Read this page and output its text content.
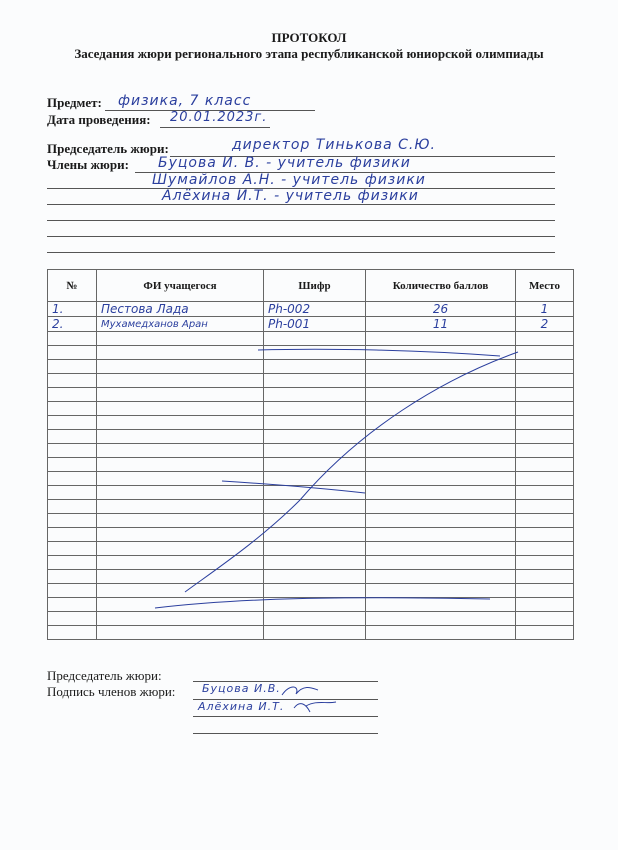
ПРОТОКОЛ
Заседания жюри регионального этапа республиканской юниорской олимпиады
Предмет: физика, 7 класс
Дата проведения: 20.01.2023г.
Председатель жюри:	директор Тинькова С.Ю.
Члены жюри: Буцова И. В. - учитель физики
Шумайлов А.Н. - учитель физики
Алёхина И.Т. - учитель физики
№	ФИ учащегося	Шифр	Количество баллов	Место
1.	Пестова Лада	Рh-002	26	1
2.	Мухамедханов Аран	Рh-001	11	2

Председатель жюри:
Подпись членов жюри: Буцова И.В.
Алёхина И.Т.
